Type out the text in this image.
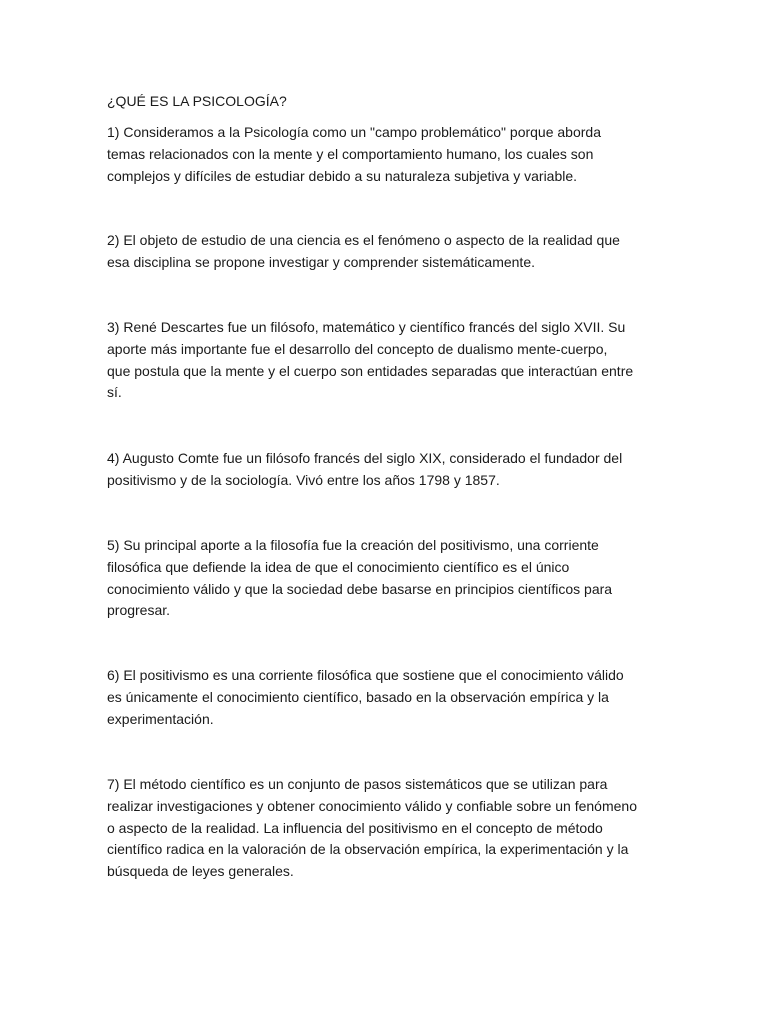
¿QUÉ ES LA PSICOLOGÍA?

1) Consideramos a la Psicología como un "campo problemático" porque aborda
temas relacionados con la mente y el comportamiento humano, los cuales son
complejos y difíciles de estudiar debido a su naturaleza subjetiva y variable.

2) El objeto de estudio de una ciencia es el fenómeno o aspecto de la realidad que
esa disciplina se propone investigar y comprender sistemáticamente.

3) René Descartes fue un filósofo, matemático y científico francés del siglo XVII. Su
aporte más importante fue el desarrollo del concepto de dualismo mente-cuerpo,
que postula que la mente y el cuerpo son entidades separadas que interactúan entre
sí.

4) Augusto Comte fue un filósofo francés del siglo XIX, considerado el fundador del
positivismo y de la sociología. Vivó entre los años 1798 y 1857.

5) Su principal aporte a la filosofía fue la creación del positivismo, una corriente
filosófica que defiende la idea de que el conocimiento científico es el único
conocimiento válido y que la sociedad debe basarse en principios científicos para
progresar.

6) El positivismo es una corriente filosófica que sostiene que el conocimiento válido
es únicamente el conocimiento científico, basado en la observación empírica y la
experimentación.

7) El método científico es un conjunto de pasos sistemáticos que se utilizan para
realizar investigaciones y obtener conocimiento válido y confiable sobre un fenómeno
o aspecto de la realidad. La influencia del positivismo en el concepto de método
científico radica en la valoración de la observación empírica, la experimentación y la
búsqueda de leyes generales.
